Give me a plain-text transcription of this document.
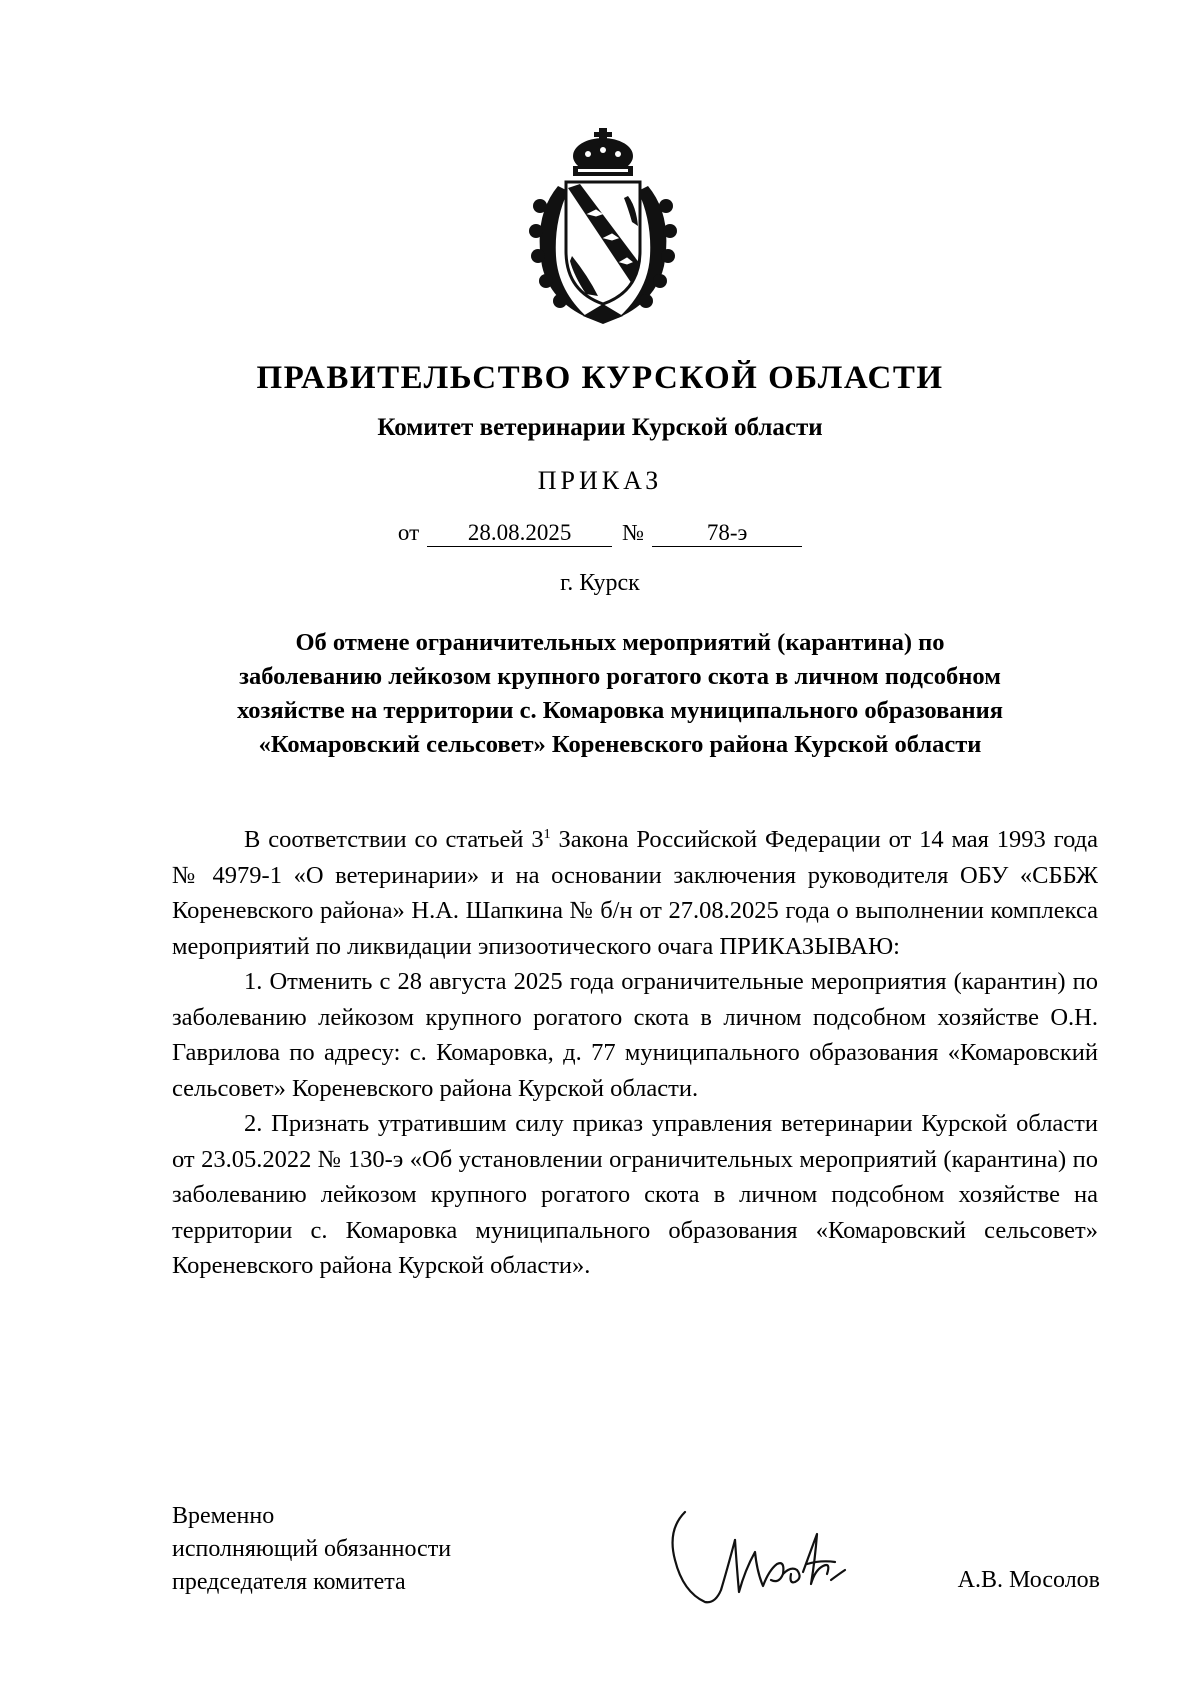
ПРАВИТЕЛЬСТВО КУРСКОЙ ОБЛАСТИ
Комитет ветеринарии Курской области
ПРИКАЗ
от 28.08.2025 №	78-э
г. Курск
Об отмене ограничительных мероприятий (карантина) по
заболеванию лейкозом крупного рогатого скота в личном подсобном
хозяйстве на территории с. Комаровка муниципального образования
«Комаровский сельсовет» Кореневского района Курской области

В соответствии со статьей $3^1$ Закона Российской Федерации от 14 мая 1993 года № 4979-1 «О ветеринарии» и на основании заключения руководителя ОБУ «СББЖ Кореневского района» Н.А. Шапкина № б/н от 27.08.2025 года о выполнении комплекса мероприятий по ликвидации эпизоотического очага ПРИКАЗЫВАЮ:

1. Отменить с 28 августа 2025 года ограничительные мероприятия (карантин) по заболеванию лейкозом крупного рогатого скота в личном подсобном хозяйстве О.Н. Гаврилова по адресу: с. Комаровка, д. 77 муниципального образования «Комаровский сельсовет» Кореневского района Курской области.

2. Признать утратившим силу приказ управления ветеринарии Курской области от 23.05.2022 № 130-э «Об установлении ограничительных мероприятий (карантина) по заболеванию лейкозом крупного рогатого скота в личном подсобном хозяйстве на территории с. Комаровка муниципального образования «Комаровский сельсовет» Кореневского района Курской области».

Временно
исполняющий обязанности
председателя комитета	А.В. Мосолов
